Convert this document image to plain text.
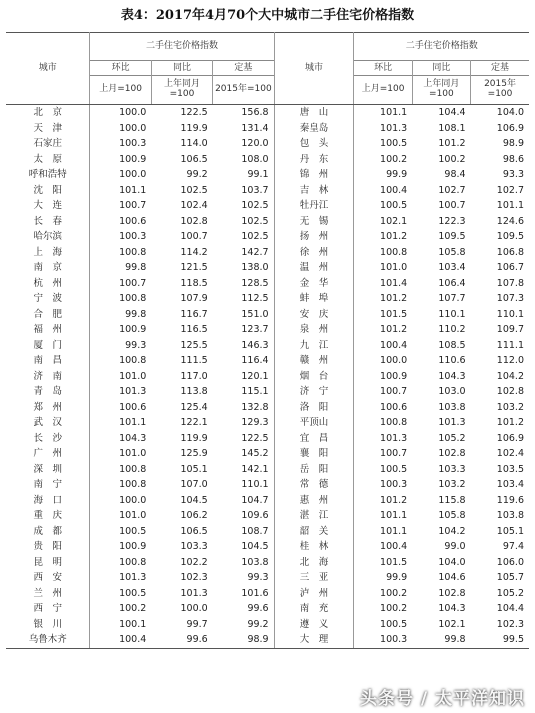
表4：2017年4月70个大中城市二手住宅价格指数
城市	二手住宅价格指数			城市	二手住宅价格指数		
	环比	同比	定基		环比	同比	定基
	上月=100	上年同月=100	2015年=100		上月=100	上年同月=100	2015年=100
北　京	100.0	122.5	156.8	唐　山	101.1	104.4	104.0
天　津	100.0	119.9	131.4	秦皇岛	101.3	108.1	106.9
石家庄	100.3	114.0	120.0	包　头	100.5	101.2	98.9
太　原	100.9	106.5	108.0	丹　东	100.2	100.2	98.6
呼和浩特	100.0	99.2	99.1	锦　州	99.9	98.4	93.3
沈　阳	101.1	102.5	103.7	吉　林	100.4	102.7	102.7
大　连	100.7	102.4	102.5	牡丹江	100.5	100.7	101.1
长　春	100.6	102.8	102.5	无　锡	102.1	122.3	124.6
哈尔滨	100.3	100.7	102.5	扬　州	101.2	109.5	109.5
上　海	100.8	114.2	142.7	徐　州	100.8	105.8	106.8
南　京	99.8	121.5	138.0	温　州	101.0	103.4	106.7
杭　州	100.7	118.5	128.5	金　华	101.4	106.4	107.8
宁　波	100.8	107.9	112.5	蚌　埠	101.2	107.7	107.3
合　肥	99.8	116.7	151.0	安　庆	101.5	110.1	110.1
福　州	100.9	116.5	123.7	泉　州	101.2	110.2	109.7
厦　门	99.3	125.5	146.3	九　江	100.4	108.5	111.1
南　昌	100.8	111.5	116.4	赣　州	100.0	110.6	112.0
济　南	101.0	117.0	120.1	烟　台	100.9	104.3	104.2
青　岛	101.3	113.8	115.1	济　宁	100.7	103.0	102.8
郑　州	100.6	125.4	132.8	洛　阳	100.6	103.8	103.2
武　汉	101.1	122.1	129.3	平顶山	100.8	101.3	101.2
长　沙	104.3	119.9	122.5	宜　昌	101.3	105.2	106.9
广　州	101.0	125.9	145.2	襄　阳	100.7	102.8	102.4
深　圳	100.8	105.1	142.1	岳　阳	100.5	103.3	103.5
南　宁	100.8	107.0	110.1	常　德	100.3	103.2	103.4
海　口	100.0	104.5	104.7	惠　州	101.2	115.8	119.6
重　庆	101.0	106.2	109.6	湛　江	101.1	105.8	103.8
成　都	100.5	106.5	108.7	韶　关	101.1	104.2	105.1
贵　阳	100.9	103.3	104.5	桂　林	100.4	99.0	97.4
昆　明	100.8	102.2	103.8	北　海	101.5	104.0	106.0
西　安	101.3	102.3	99.3	三　亚	99.9	104.6	105.7
兰　州	100.5	101.3	101.6	泸　州	100.2	102.8	105.2
西　宁	100.2	100.0	99.6	南　充	100.2	104.3	104.4
银　川	100.1	99.7	99.2	遵　义	100.5	102.1	102.3
乌鲁木齐	100.4	99.6	98.9	大　理	100.3	99.8	99.5
头条号 / 太平洋知识
